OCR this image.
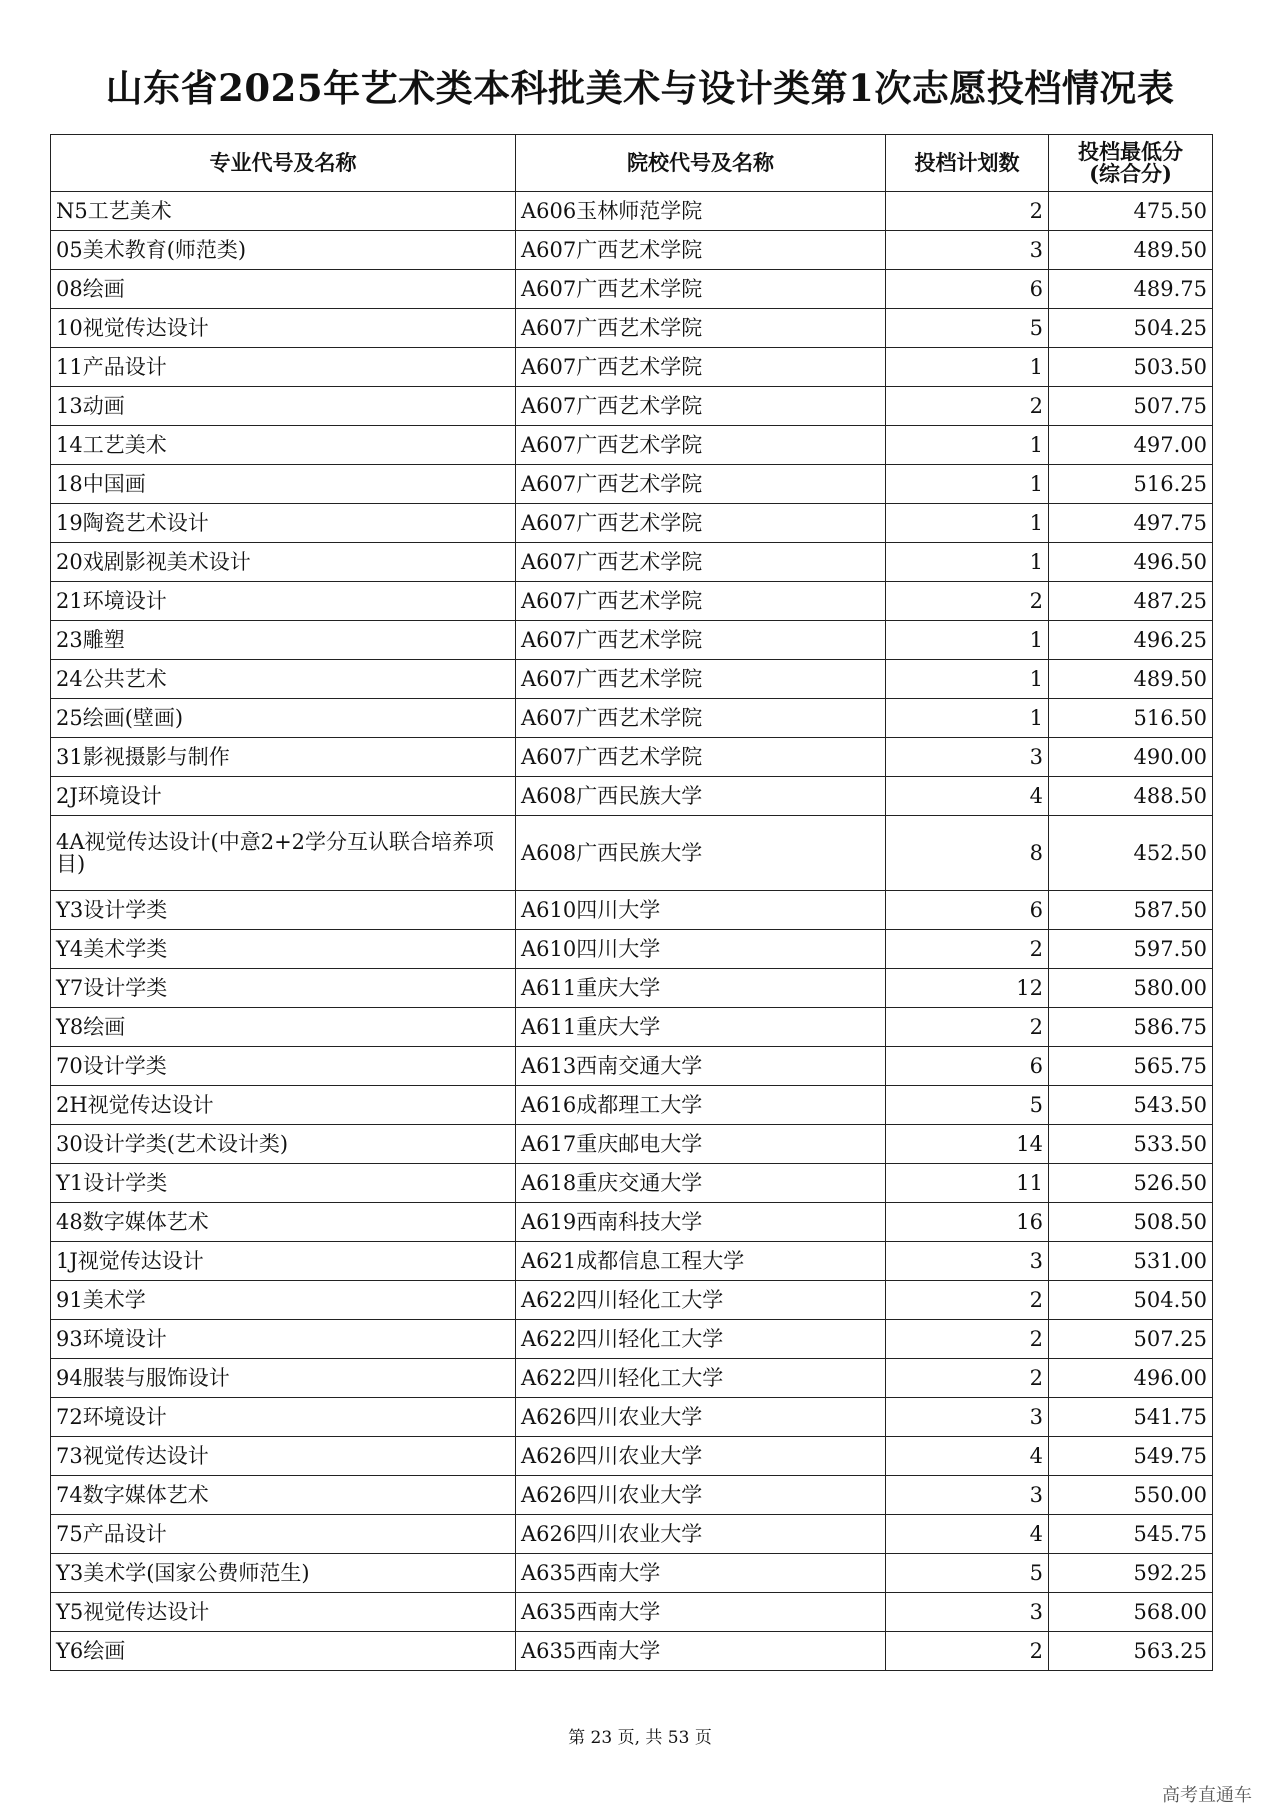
山东省2025年艺术类本科批美术与设计类第1次志愿投档情况表
专业代号及名称	院校代号及名称	投档计划数	投档最低分
(综合分)

N5工艺美术	A606玉林师范学院	2	475.50
05美术教育(师范类)	A607广西艺术学院	3	489.50
08绘画	A607广西艺术学院	6	489.75
10视觉传达设计	A607广西艺术学院	5	504.25
11产品设计	A607广西艺术学院	1	503.50
13动画	A607广西艺术学院	2	507.75
14工艺美术	A607广西艺术学院	1	497.00
18中国画	A607广西艺术学院	1	516.25
19陶瓷艺术设计	A607广西艺术学院	1	497.75
20戏剧影视美术设计	A607广西艺术学院	1	496.50
21环境设计	A607广西艺术学院	2	487.25
23雕塑	A607广西艺术学院	1	496.25
24公共艺术	A607广西艺术学院	1	489.50
25绘画(壁画)	A607广西艺术学院	1	516.50
31影视摄影与制作	A607广西艺术学院	3	490.00
2J环境设计	A608广西民族大学	4	488.50
4A视觉传达设计(中意2+2学分互认联合培养项目)	A608广西民族大学	8	452.50
Y3设计学类	A610四川大学	6	587.50
Y4美术学类	A610四川大学	2	597.50
Y7设计学类	A611重庆大学	12	580.00
Y8绘画	A611重庆大学	2	586.75
70设计学类	A613西南交通大学	6	565.75
2H视觉传达设计	A616成都理工大学	5	543.50
30设计学类(艺术设计类)	A617重庆邮电大学	14	533.50
Y1设计学类	A618重庆交通大学	11	526.50
48数字媒体艺术	A619西南科技大学	16	508.50
1J视觉传达设计	A621成都信息工程大学	3	531.00
91美术学	A622四川轻化工大学	2	504.50
93环境设计	A622四川轻化工大学	2	507.25
94服装与服饰设计	A622四川轻化工大学	2	496.00
72环境设计	A626四川农业大学	3	541.75
73视觉传达设计	A626四川农业大学	4	549.75
74数字媒体艺术	A626四川农业大学	3	550.00
75产品设计	A626四川农业大学	4	545.75
Y3美术学(国家公费师范生)	A635西南大学	5	592.25
Y5视觉传达设计	A635西南大学	3	568.00
Y6绘画	A635西南大学	2	563.25
第 23 页, 共 53 页
高考直通车
